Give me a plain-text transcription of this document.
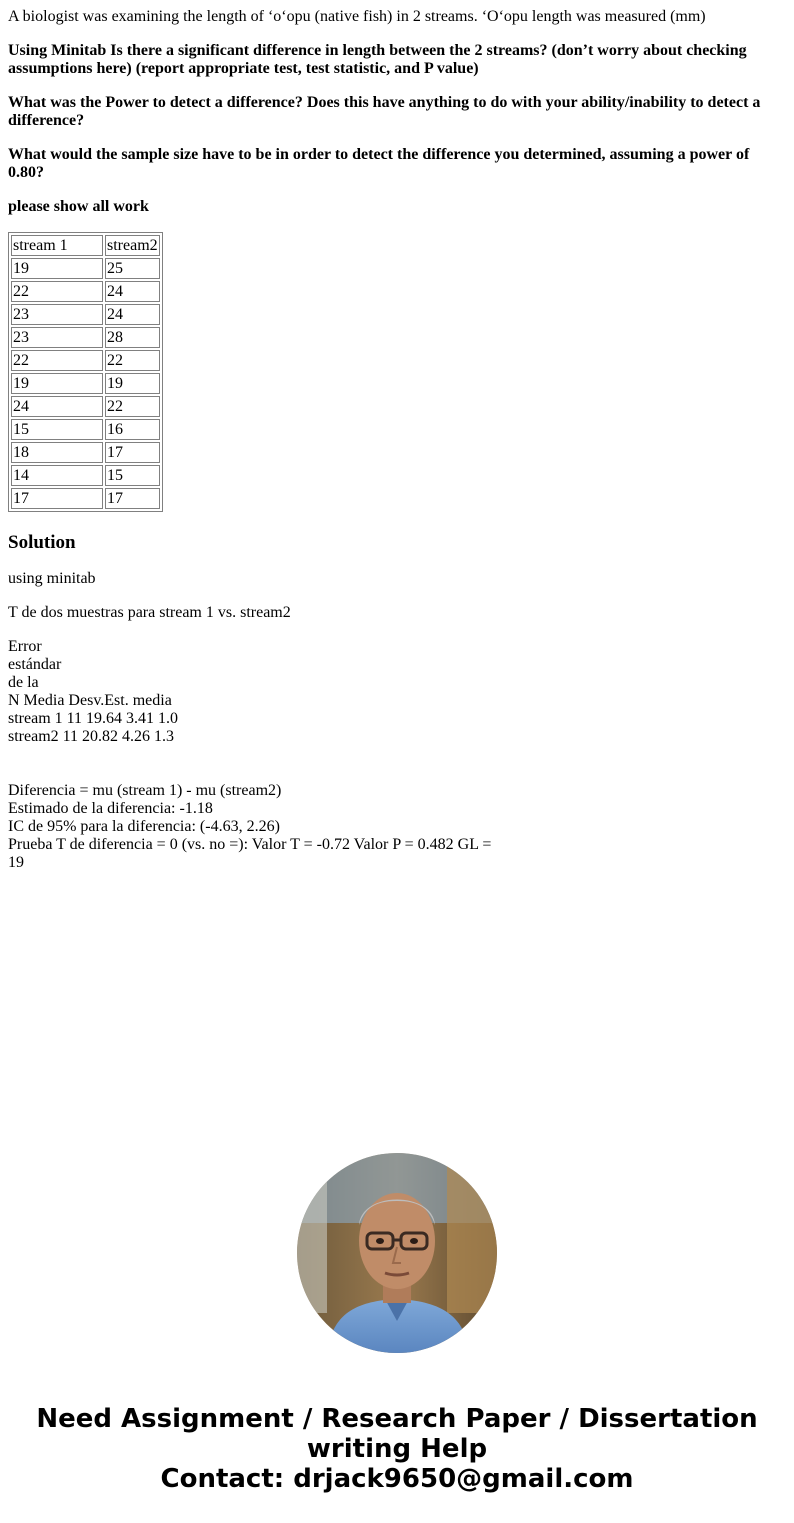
A biologist was examining the length of ‘o‘opu (native fish) in 2 streams. ‘O‘opu length was measured (mm)

Using Minitab Is there a significant difference in length between the 2 streams? (don’t worry about checking assumptions here) (report appropriate test, test statistic, and P value)

What was the Power to detect a difference? Does this have anything to do with your ability/inability to detect a difference?

What would the sample size have to be in order to detect the difference you determined, assuming a power of 0.80?

please show all work

stream 1	stream2
19	25
22	24
23	24
23	28
22	22
19	19
24	22
15	16
18	17
14	15
17	17
Solution

using minitab

T de dos muestras para stream 1 vs. stream2

Error
estándar
de la
N Media Desv.Est. media
stream 1 11 19.64 3.41 1.0
stream2 11 20.82 4.26 1.3
Diferencia = mu (stream 1) - mu (stream2)
Estimado de la diferencia: -1.18
IC de 95% para la diferencia: (-4.63, 2.26)
Prueba T de diferencia = 0 (vs. no =): Valor T = -0.72 Valor P = 0.482 GL =
19
Need Assignment / Research Paper / Dissertation
writing Help
Contact: drjack9650@gmail.com
